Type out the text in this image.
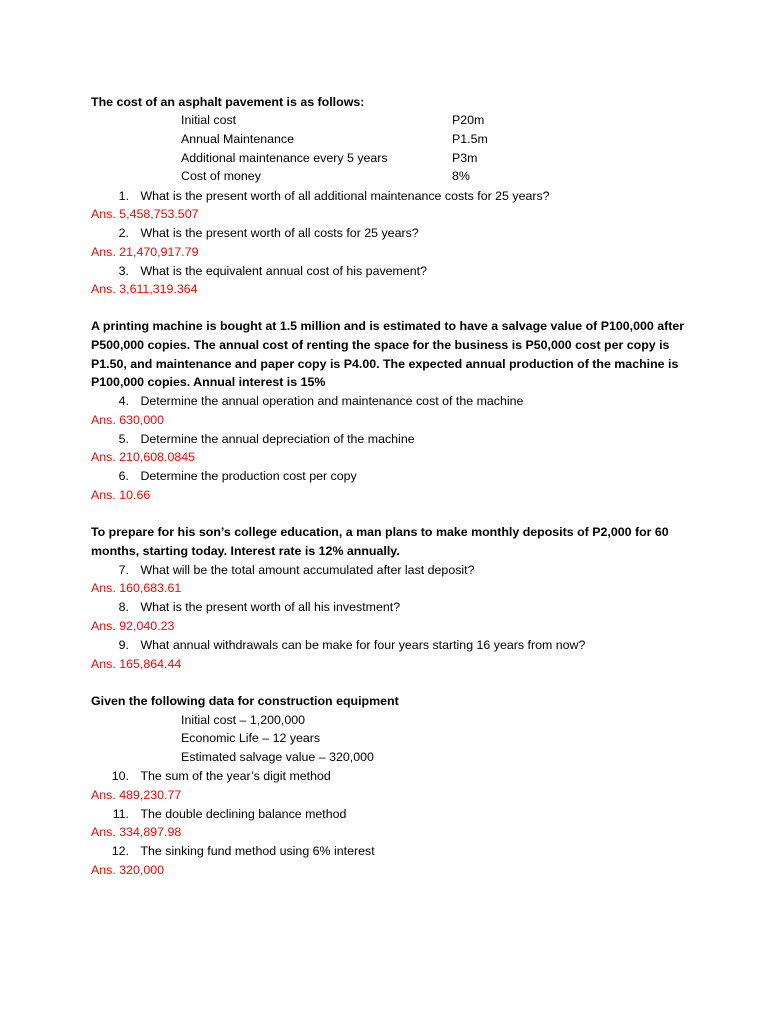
The cost of an asphalt pavement is as follows:
Initial cost	P20m
Annual Maintenance	P1.5m
Additional maintenance every 5 years	P3m
Cost of money	8%
1. What is the present worth of all additional maintenance costs for 25 years?
Ans. 5,458,753.507
2. What is the present worth of all costs for 25 years?
Ans. 21,470,917.79
3. What is the equivalent annual cost of his pavement?
Ans. 3,611,319.364
A printing machine is bought at 1.5 million and is estimated to have a salvage value of P100,000 after
P500,000 copies. The annual cost of renting the space for the business is P50,000 cost per copy is
P1.50, and maintenance and paper copy is P4.00. The expected annual production of the machine is
P100,000 copies. Annual interest is 15%
4. Determine the annual operation and maintenance cost of the machine
Ans. 630,000
5. Determine the annual depreciation of the machine
Ans. 210,608.0845
6. Determine the production cost per copy
Ans. 10.66
To prepare for his son’s college education, a man plans to make monthly deposits of P2,000 for 60
months, starting today. Interest rate is 12% annually.
7. What will be the total amount accumulated after last deposit?
Ans. 160,683.61
8. What is the present worth of all his investment?
Ans. 92,040.23
9. What annual withdrawals can be make for four years starting 16 years from now?
Ans. 165,864.44
Given the following data for construction equipment
Initial cost – 1,200,000
Economic Life – 12 years
Estimated salvage value – 320,000
10. The sum of the year’s digit method
Ans. 489,230.77
11. The double declining balance method
Ans. 334,897.98
12. The sinking fund method using 6% interest
Ans. 320,000
